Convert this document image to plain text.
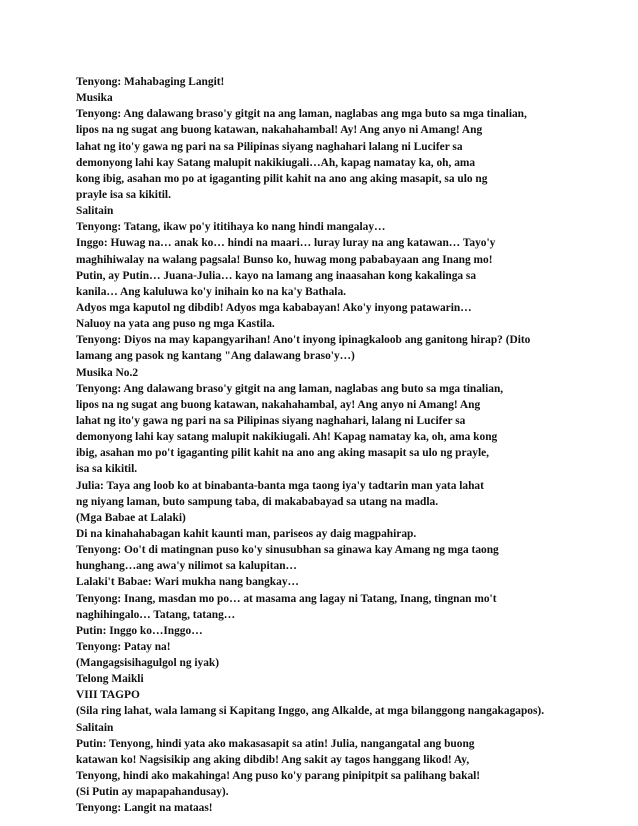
Tenyong: Mahabaging Langit!
Musika
Tenyong: Ang dalawang braso'y gitgit na ang laman, naglabas ang mga buto sa mga tinalian,
lipos na ng sugat ang buong katawan, nakahahambal! Ay! Ang anyo ni Amang! Ang
lahat ng ito'y gawa ng pari na sa Pilipinas siyang naghahari lalang ni Lucifer sa
demonyong lahi kay Satang malupit nakikiugali…Ah, kapag namatay ka, oh, ama
kong ibig, asahan mo po at igaganting pilit kahit na ano ang aking masapit, sa ulo ng
prayle isa sa kikitil.
Salitain
Tenyong: Tatang, ikaw po'y ititihaya ko nang hindi mangalay…
Inggo: Huwag na… anak ko… hindi na maari… luray luray na ang katawan… Tayo'y
maghihiwalay na walang pagsala! Bunso ko, huwag mong pababayaan ang Inang mo!
Putin, ay Putin… Juana-Julia… kayo na lamang ang inaasahan kong kakalinga sa
kanila… Ang kaluluwa ko'y inihain ko na ka'y Bathala.
Adyos mga kaputol ng dibdib! Adyos mga kababayan! Ako'y inyong patawarin…
Naluoy na yata ang puso ng mga Kastila.
Tenyong: Diyos na may kapangyarihan! Ano't inyong ipinagkaloob ang ganitong hirap? (Dito
lamang ang pasok ng kantang "Ang dalawang braso'y…)
Musika No.2
Tenyong: Ang dalawang braso'y gitgit na ang laman, naglabas ang buto sa mga tinalian,
lipos na ng sugat ang buong katawan, nakahahambal, ay! Ang anyo ni Amang! Ang
lahat ng ito'y gawa ng pari na sa Pilipinas siyang naghahari, lalang ni Lucifer sa
demonyong lahi kay satang malupit nakikiugali. Ah! Kapag namatay ka, oh, ama kong
ibig, asahan mo po't igaganting pilit kahit na ano ang aking masapit sa ulo ng prayle,
isa sa kikitil.
Julia: Taya ang loob ko at binabanta-banta mga taong iya'y tadtarin man yata lahat
ng niyang laman, buto sampung taba, di makababayad sa utang na madla.
(Mga Babae at Lalaki)
Di na kinahahabagan kahit kaunti man, pariseos ay daig magpahirap.
Tenyong: Oo't di matingnan puso ko'y sinusubhan sa ginawa kay Amang ng mga taong
hunghang…ang awa'y nilimot sa kalupitan…
Lalaki't Babae: Wari mukha nang bangkay…
Tenyong: Inang, masdan mo po… at masama ang lagay ni Tatang, Inang, tingnan mo't
naghihingalo… Tatang, tatang…
Putin: Inggo ko…Inggo…
Tenyong: Patay na!
(Mangagsisihagulgol ng iyak)
Telong Maikli
VIII TAGPO
(Sila ring lahat, wala lamang si Kapitang Inggo, ang Alkalde, at mga bilanggong nangakagapos).
Salitain
Putin: Tenyong, hindi yata ako makasasapit sa atin! Julia, nangangatal ang buong
katawan ko! Nagsisikip ang aking dibdib! Ang sakit ay tagos hanggang likod! Ay,
Tenyong, hindi ako makahinga! Ang puso ko'y parang pinipitpit sa palihang bakal!
(Si Putin ay mapapahandusay).
Tenyong: Langit na mataas!
